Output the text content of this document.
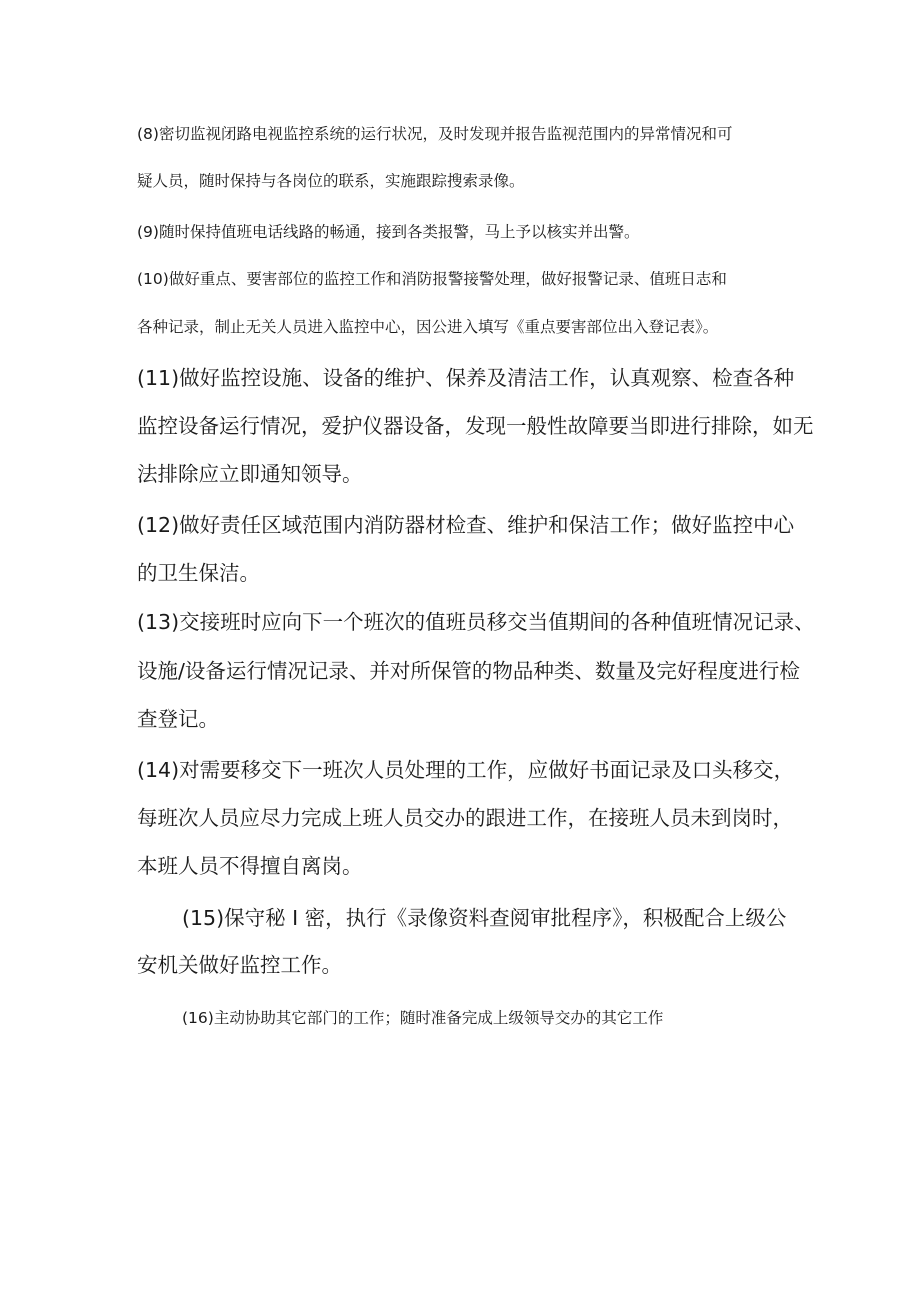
(8)密切监视闭路电视监控系统的运行状况，及时发现并报告监视范围内的异常情况和可
疑人员，随时保持与各岗位的联系，实施跟踪搜索录像。
(9)随时保持值班电话线路的畅通，接到各类报警，马上予以核实并出警。
(10)做好重点、要害部位的监控工作和消防报警接警处理，做好报警记录、值班日志和
各种记录，制止无关人员进入监控中心，因公进入填写《重点要害部位出入登记表》。
(11)做好监控设施、设备的维护、保养及清洁工作，认真观察、检查各种
监控设备运行情况，爱护仪器设备，发现一般性故障要当即进行排除，如无
法排除应立即通知领导。
(12)做好责任区域范围内消防器材检查、维护和保洁工作；做好监控中心
的卫生保洁。
(13)交接班时应向下一个班次的值班员移交当值期间的各种值班情况记录、
设施/设备运行情况记录、并对所保管的物品种类、数量及完好程度进行检
查登记。
(14)对需要移交下一班次人员处理的工作，应做好书面记录及口头移交，
每班次人员应尽力完成上班人员交办的跟进工作，在接班人员未到岗时，
本班人员不得擅自离岗。
(15)保守秘 I 密，执行《录像资料查阅审批程序》，积极配合上级公
安机关做好监控工作。
(16)主动协助其它部门的工作；随时准备完成上级领导交办的其它工作
